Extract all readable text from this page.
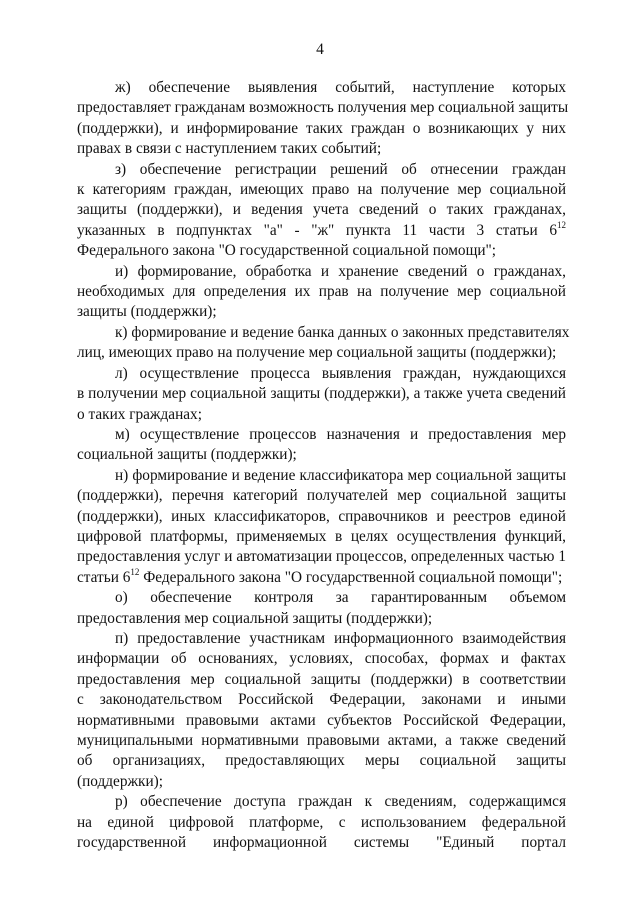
4

ж) обеспечение выявления событий, наступление которых
предоставляет гражданам возможность получения мер социальной защиты
(поддержки), и информирование таких граждан о возникающих у них
правах в связи с наступлением таких событий;

з) обеспечение регистрации решений об отнесении граждан
к категориям граждан, имеющих право на получение мер социальной
защиты (поддержки), и ведения учета сведений о таких гражданах,
указанных в подпунктах "а" - "ж" пункта 11 части 3 статьи $6^{12}$
Федерального закона "О государственной социальной помощи";

и) формирование, обработка и хранение сведений о гражданах,
необходимых для определения их прав на получение мер социальной
защиты (поддержки);

к) формирование и ведение банка данных о законных представителях
лиц, имеющих право на получение мер социальной защиты (поддержки);

л) осуществление процесса выявления граждан, нуждающихся
в получении мер социальной защиты (поддержки), а также учета сведений
о таких гражданах;

м) осуществление процессов назначения и предоставления мер
социальной защиты (поддержки);

н) формирование и ведение классификатора мер социальной защиты
(поддержки), перечня категорий получателей мер социальной защиты
(поддержки), иных классификаторов, справочников и реестров единой
цифровой платформы, применяемых в целях осуществления функций,
предоставления услуг и автоматизации процессов, определенных частью 1
статьи $6^{12}$ Федерального закона "О государственной социальной помощи";

о) обеспечение контроля за гарантированным объемом
предоставления мер социальной защиты (поддержки);

п) предоставление участникам информационного взаимодействия
информации об основаниях, условиях, способах, формах и фактах
предоставления мер социальной защиты (поддержки) в соответствии
с законодательством Российской Федерации, законами и иными
нормативными правовыми актами субъектов Российской Федерации,
муниципальными нормативными правовыми актами, а также сведений
об организациях, предоставляющих меры социальной защиты
(поддержки);

р) обеспечение доступа граждан к сведениям, содержащимся
на единой цифровой платформе, с использованием федеральной
государственной информационной системы "Единый портал
